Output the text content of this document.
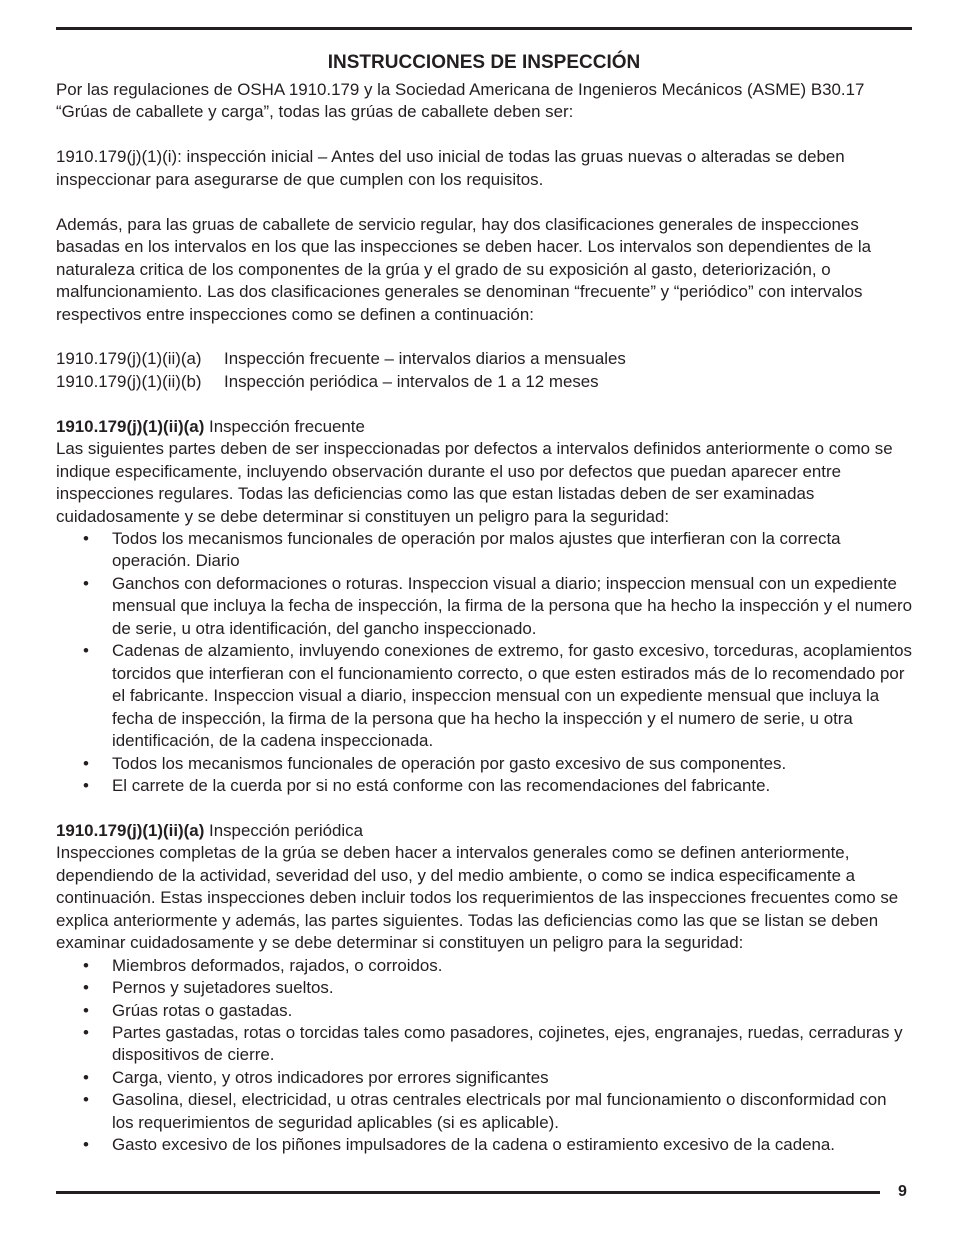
INSTRUCCIONES DE INSPECCIÓN

Por las regulaciones de OSHA 1910.179 y la Sociedad Americana de Ingenieros Mecánicos (ASME) B30.17 “Grúas de caballete y carga”, todas las grúas de caballete deben ser:

1910.179(j)(1)(i): inspección inicial – Antes del uso inicial de todas las gruas nuevas o alteradas se deben inspeccionar para asegurarse de que cumplen con los requisitos.

Además, para las gruas de caballete de servicio regular, hay dos clasificaciones generales de inspecciones basadas en los intervalos en los que las inspecciones se deben hacer. Los intervalos son dependientes de la naturaleza critica de los componentes de la grúa y el grado de su exposición al gasto, deteriorización, o malfuncionamiento. Las dos clasificaciones generales se denominan “frecuente” y “periódico” con intervalos respectivos entre inspecciones como se definen a continuación:

1910.179(j)(1)(ii)(a)	Inspección frecuente – intervalos diarios a mensuales
1910.179(j)(1)(ii)(b)	Inspección periódica – intervalos de 1 a 12 meses

1910.179(j)(1)(ii)(a) Inspección frecuente

Las siguientes partes deben de ser inspeccionadas por defectos a intervalos definidos anteriormente o como se indique especificamente, incluyendo observación durante el uso por defectos que puedan aparecer entre inspecciones regulares. Todas las deficiencias como las que estan listadas deben de ser examinadas cuidadosamente y se debe determinar si constituyen un peligro para la seguridad:

• Todos los mecanismos funcionales de operación por malos ajustes que interfieran con la correcta operación. Diario
• Ganchos con deformaciones o roturas. Inspeccion visual a diario; inspeccion mensual con un expediente mensual que incluya la fecha de inspección, la firma de la persona que ha hecho la inspección y el numero de serie, u otra identificación, del gancho inspeccionado.
• Cadenas de alzamiento, invluyendo conexiones de extremo, for gasto excesivo, torceduras, acoplamientos torcidos que interfieran con el funcionamiento correcto, o que esten estirados más de lo recomendado por el fabricante. Inspeccion visual a diario, inspeccion mensual con un expediente mensual que incluya la fecha de inspección, la firma de la persona que ha hecho la inspección y el numero de serie, u otra identificación, de la cadena inspeccionada.
• Todos los mecanismos funcionales de operación por gasto excesivo de sus componentes.
• El carrete de la cuerda por si no está conforme con las recomendaciones del fabricante.

1910.179(j)(1)(ii)(a) Inspección periódica

Inspecciones completas de la grúa se deben hacer a intervalos generales como se definen anteriormente, dependiendo de la actividad, severidad del uso, y del medio ambiente, o como se indica especificamente a continuación. Estas inspecciones deben incluir todos los requerimientos de las inspecciones frecuentes como se explica anteriormente y además, las partes siguientes. Todas las deficiencias como las que se listan se deben examinar cuidadosamente y se debe determinar si constituyen un peligro para la seguridad:

• Miembros deformados, rajados, o corroidos.
• Pernos y sujetadores sueltos.
• Grúas rotas o gastadas.
• Partes gastadas, rotas o torcidas tales como pasadores, cojinetes, ejes, engranajes, ruedas, cerraduras y dispositivos de cierre.
• Carga, viento, y otros indicadores por errores significantes
• Gasolina, diesel, electricidad, u otras centrales electricals por mal funcionamiento o disconformidad con los requerimientos de seguridad aplicables (si es aplicable).
• Gasto excesivo de los piñones impulsadores de la cadena o estiramiento excesivo de la cadena.
9
